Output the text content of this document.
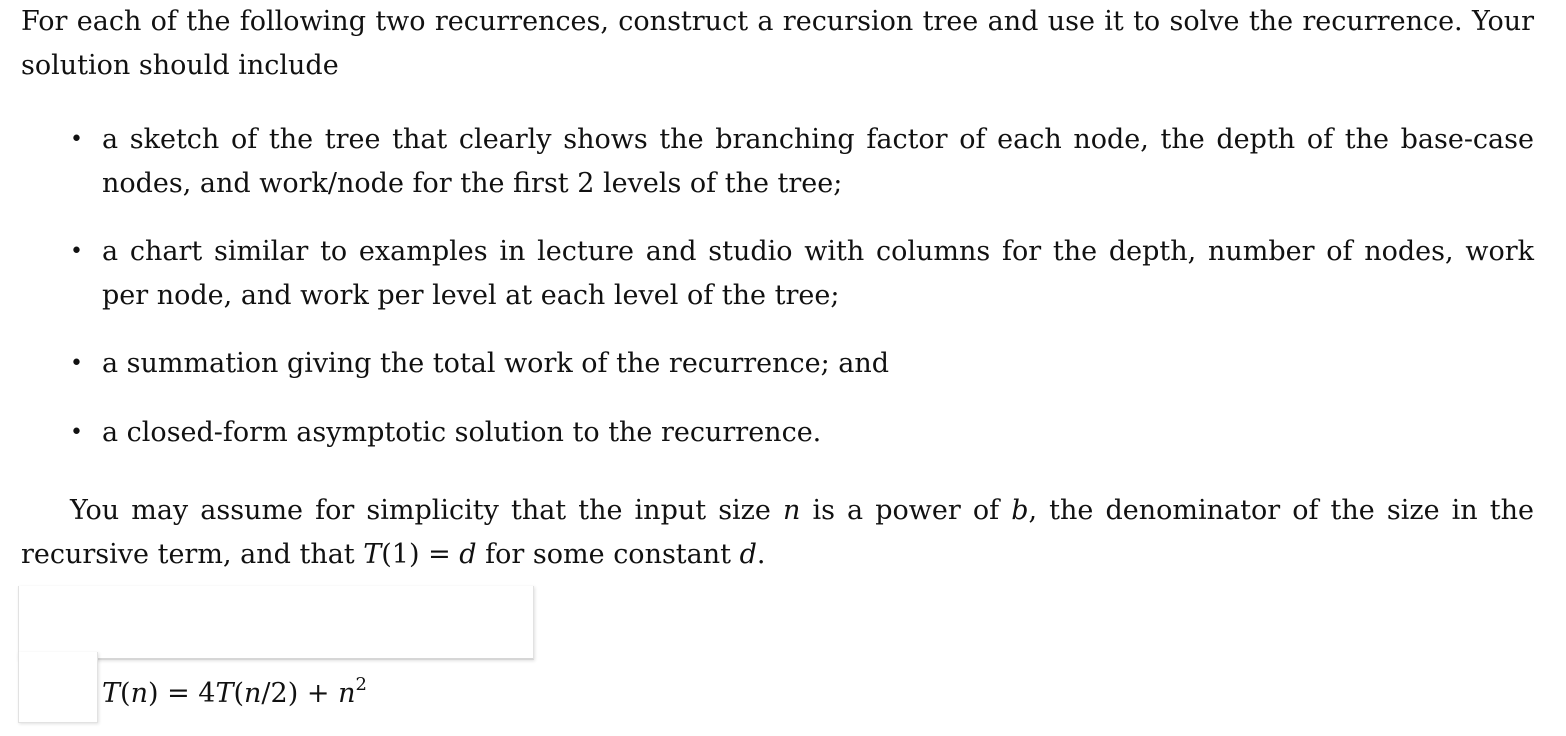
For each of the following two recurrences, construct a recursion tree and use it to solve the recurrence. Your
solution should include

• a sketch of the tree that clearly shows the branching factor of each node, the depth of the base-case nodes, and work/node for the first 2 levels of the tree;
• a chart similar to examples in lecture and studio with columns for the depth, number of nodes, work per node, and work per level at each level of the tree;
• a summation giving the total work of the recurrence; and
• a closed-form asymptotic solution to the recurrence.

You may assume for simplicity that the input size n is a power of b, the denominator of the size in the
recursive term, and that T(1) = d for some constant d.

$T(n) = 4T(n/2) + n^2$
